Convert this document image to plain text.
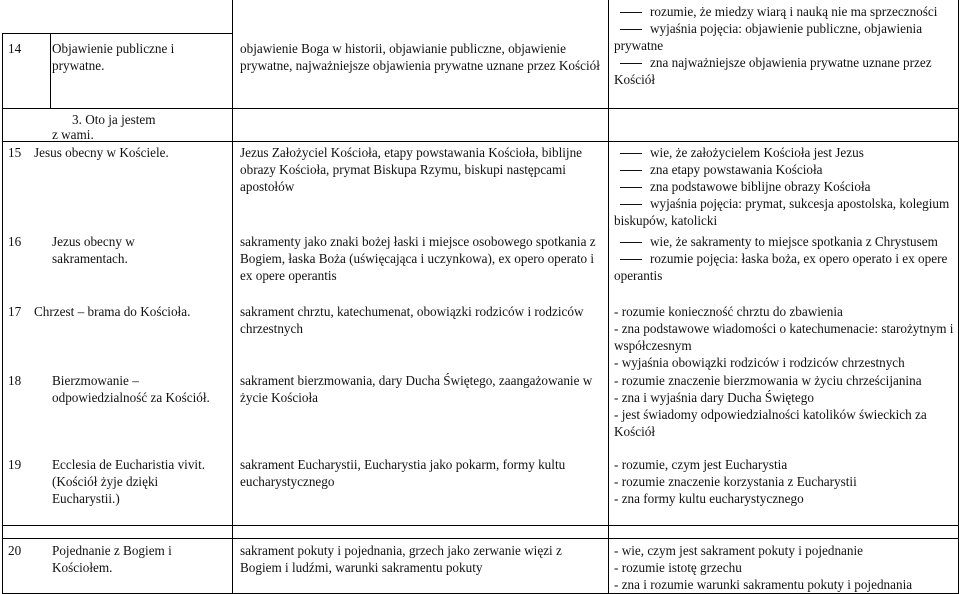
14 Objawienie publiczne i prywatne.
objawienie Boga w historii, objawianie publiczne, objawienie prywatne, najważniejsze objawienia prywatne uznane przez Kościół
rozumie, że miedzy wiarą i nauką nie ma sprzeczności
wyjaśnia pojęcia: objawienie publiczne, objawienia prywatne
zna najważniejsze objawienia prywatne uznane przez Kościół
3. Oto ja jestem
z wami.
15 Jesus obecny w Kościele.	Jezus Założyciel Kościoła, etapy powstawania Kościoła, biblijne obrazy Kościoła, prymat Biskupa Rzymu, biskupi następcami apostołów
wie, że założycielem Kościoła jest Jezus
zna etapy powstawania Kościoła
zna podstawowe biblijne obrazy Kościoła
wyjaśnia pojęcia: prymat, sukcesja apostolska, kolegium biskupów, katolicki
16 Jezus obecny w sakramentach.
sakramenty jako znaki bożej łaski i miejsce osobowego spotkania z Bogiem, łaska Boża (uświęcająca i uczynkowa), ex opero operato i ex opere operantis
wie, że sakramenty to miejsce spotkania z Chrystusem
rozumie pojęcia: łaska boża, ex opero operato i ex opere operantis
17 Chrzest – brama do Kościoła.	sakrament chrztu, katechumenat, obowiązki rodziców i rodziców chrzestnych
- rozumie konieczność chrztu do zbawienia
- zna podstawowe wiadomości o katechumenacie: starożytnym i współczesnym
- wyjaśnia obowiązki rodziców i rodziców chrzestnych
18 Bierzmowanie – odpowiedzialność za Kościół.
sakrament bierzmowania, dary Ducha Świętego, zaangażowanie w życie Kościoła
- rozumie znaczenie bierzmowania w życiu chrześcijanina
- zna i wyjaśnia dary Ducha Świętego
- jest świadomy odpowiedzialności katolików świeckich za Kościół
19 Ecclesia de Eucharistia vivit. (Kościół żyje dzięki Eucharystii.)
sakrament Eucharystii, Eucharystia jako pokarm, formy kultu eucharystycznego
- rozumie, czym jest Eucharystia
- rozumie znaczenie korzystania z Eucharystii
- zna formy kultu eucharystycznego
20 Pojednanie z Bogiem i Kościołem.
sakrament pokuty i pojednania, grzech jako zerwanie więzi z Bogiem i ludźmi, warunki sakramentu pokuty
- wie, czym jest sakrament pokuty i pojednanie
- rozumie istotę grzechu
- zna i rozumie warunki sakramentu pokuty i pojednania
